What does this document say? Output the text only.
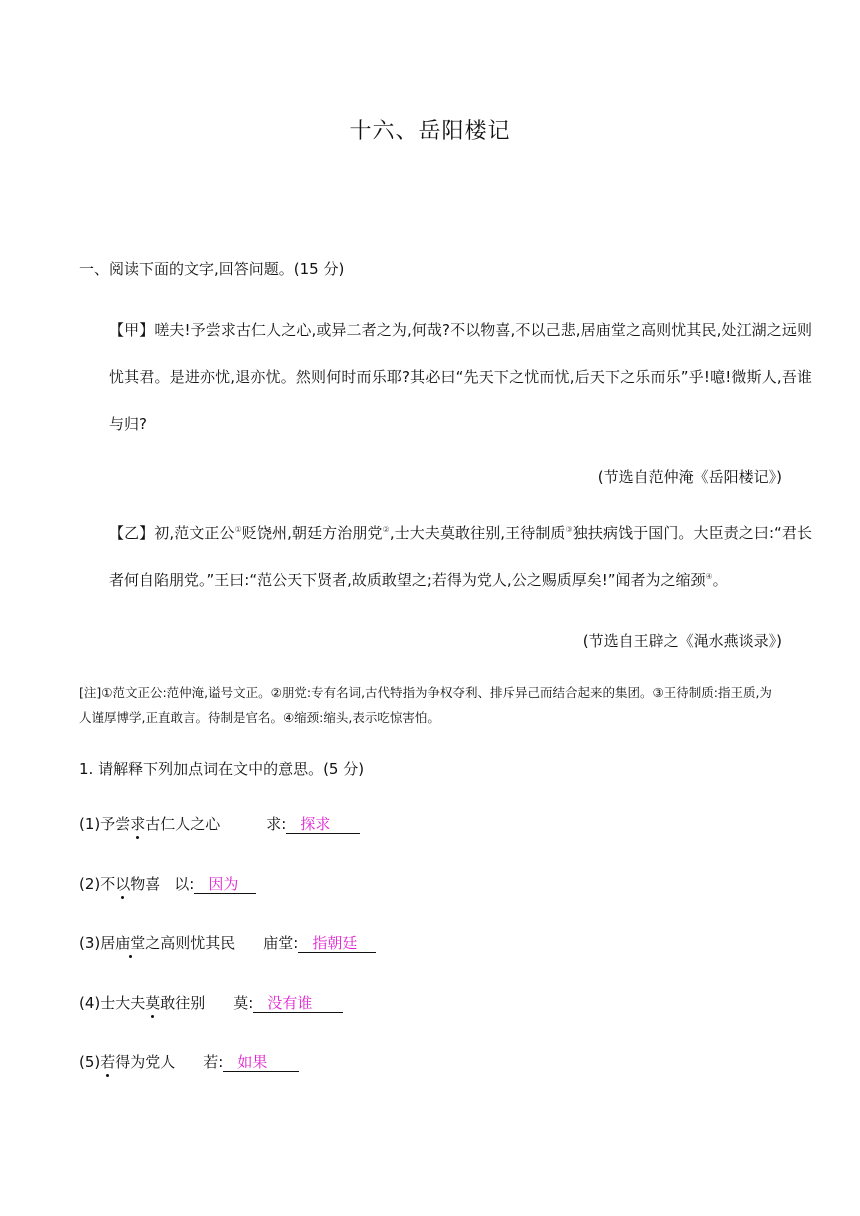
十六、岳阳楼记
一、阅读下面的文字,回答问题。(15 分)

【甲】嗟夫!予尝求古仁人之心,或异二者之为,何哉?不以物喜,不以己悲,居庙堂之高则忧其民,处江湖之远则忧其君。是进亦忧,退亦忧。然则何时而乐耶?其必曰“先天下之忧而忧,后天下之乐而乐”乎!噫!微斯人,吾谁与归?

(节选自范仲淹《岳阳楼记》)

【乙】初,范文正公①贬饶州,朝廷方治朋党②,士大夫莫敢往别,王待制质③独扶病饯于国门。大臣责之曰:“君长者何自陷朋党。”王曰:“范公天下贤者,故质敢望之;若得为党人,公之赐质厚矣!”闻者为之缩颈④。

(节选自王辟之《渑水燕谈录》)

[注]①范文正公:范仲淹,谥号文正。②朋党:专有名词,古代特指为争权夺利、排斥异己而结合起来的集团。③王待制质:指王质,为人谨厚博学,正直敢言。待制是官名。④缩颈:缩头,表示吃惊害怕。

1. 请解释下列加点词在文中的意思。(5 分)
(1)予尝求古仁人之心	求: 探求
(2)不以物喜 以: 因为
(3)居庙堂之高则忧其民 庙堂: 指朝廷
(4)士大夫莫敢往别 莫: 没有谁
(5)若得为党人 若: 如果
